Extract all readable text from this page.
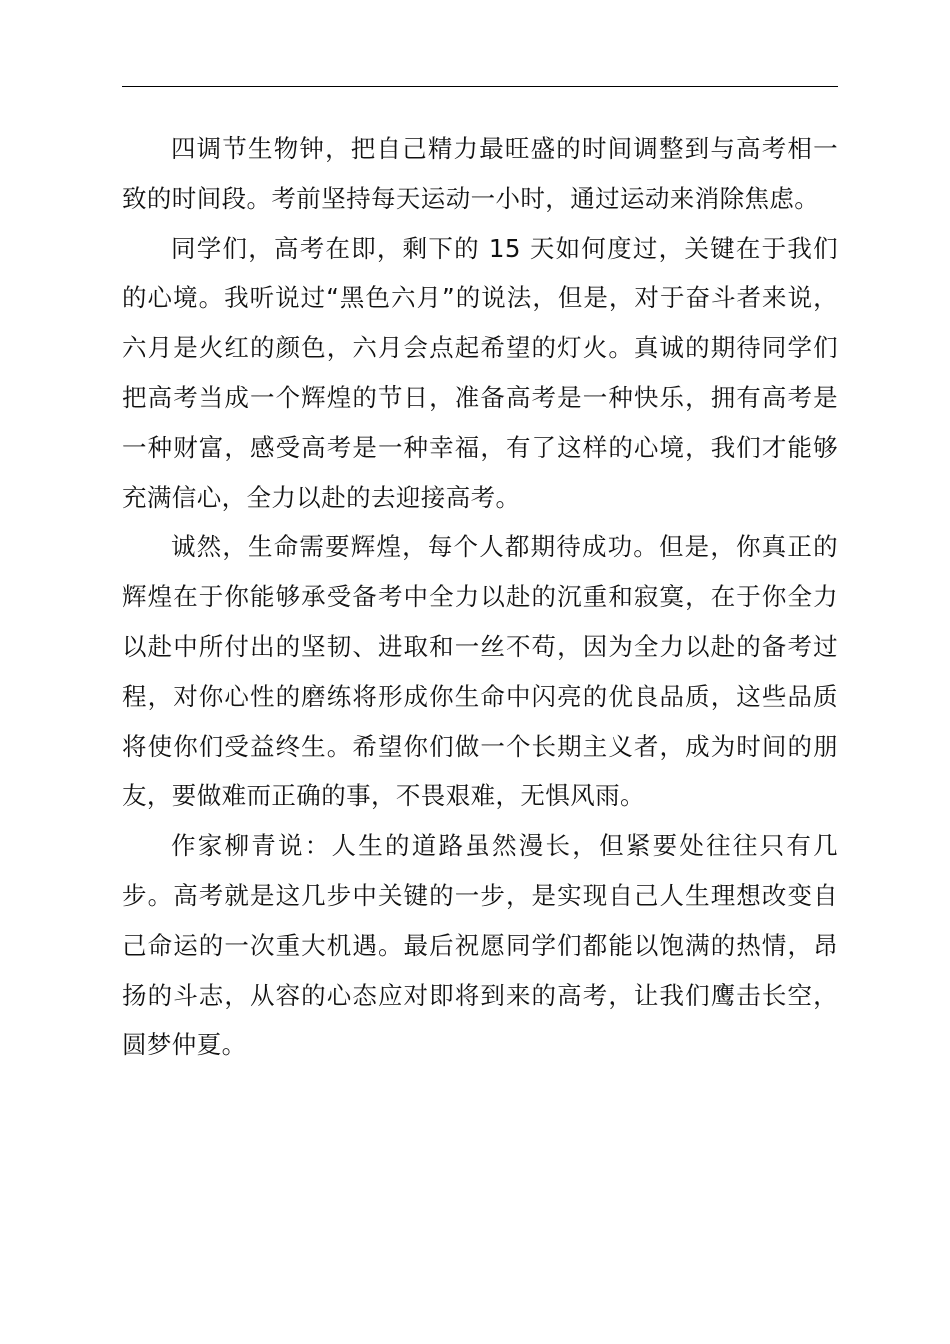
四调节生物钟，把自己精力最旺盛的时间调整到与高考相一致的时间段。考前坚持每天运动一小时，通过运动来消除焦虑。

同学们，高考在即，剩下的 15 天如何度过，关键在于我们的心境。我听说过“黑色六月”的说法，但是，对于奋斗者来说，六月是火红的颜色，六月会点起希望的灯火。真诚的期待同学们把高考当成一个辉煌的节日，准备高考是一种快乐，拥有高考是一种财富，感受高考是一种幸福，有了这样的心境，我们才能够充满信心，全力以赴的去迎接高考。

诚然，生命需要辉煌，每个人都期待成功。但是，你真正的辉煌在于你能够承受备考中全力以赴的沉重和寂寞，在于你全力以赴中所付出的坚韧、进取和一丝不苟，因为全力以赴的备考过程，对你心性的磨练将形成你生命中闪亮的优良品质，这些品质将使你们受益终生。希望你们做一个长期主义者，成为时间的朋友，要做难而正确的事，不畏艰难，无惧风雨。

作家柳青说：人生的道路虽然漫长，但紧要处往往只有几步。高考就是这几步中关键的一步，是实现自己人生理想改变自己命运的一次重大机遇。最后祝愿同学们都能以饱满的热情，昂扬的斗志，从容的心态应对即将到来的高考，让我们鹰击长空，圆梦仲夏。
